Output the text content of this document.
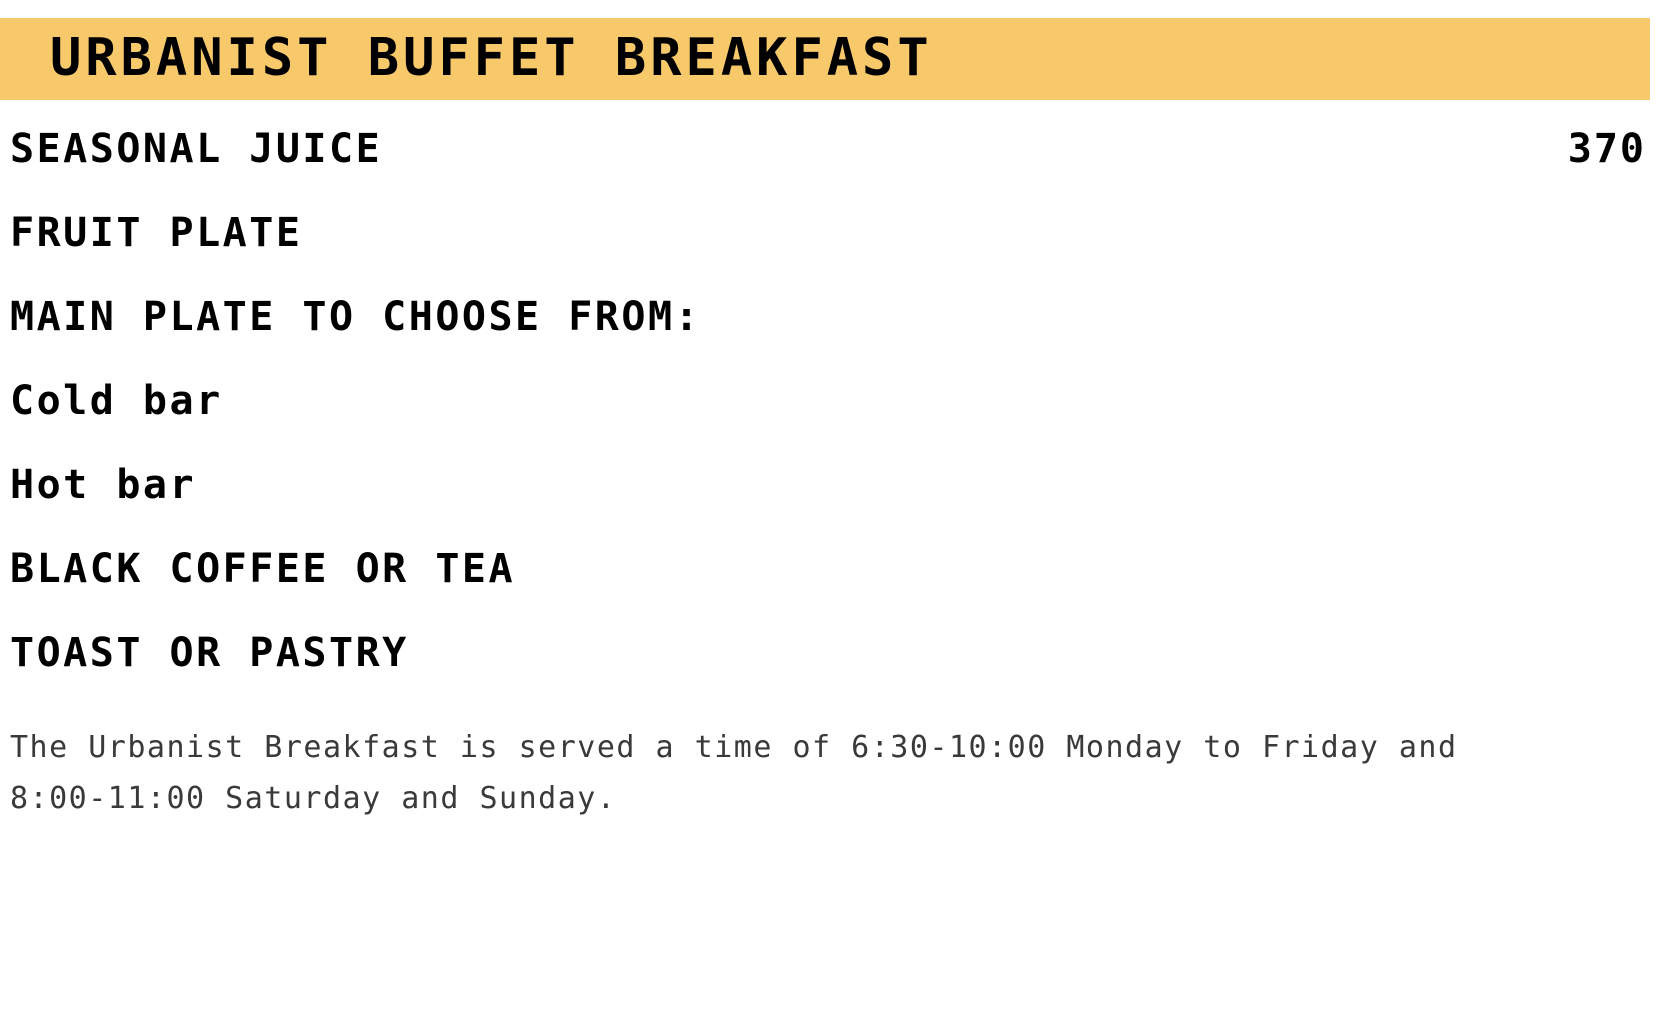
URBANIST BUFFET BREAKFAST
SEASONAL JUICE	370
FRUIT PLATE
MAIN PLATE TO CHOOSE FROM:
Cold bar
Hot bar
BLACK COFFEE OR TEA
TOAST OR PASTRY
The Urbanist Breakfast is served a time of 6:30-10:00 Monday to Friday and 8:00-11:00 Saturday and Sunday.
